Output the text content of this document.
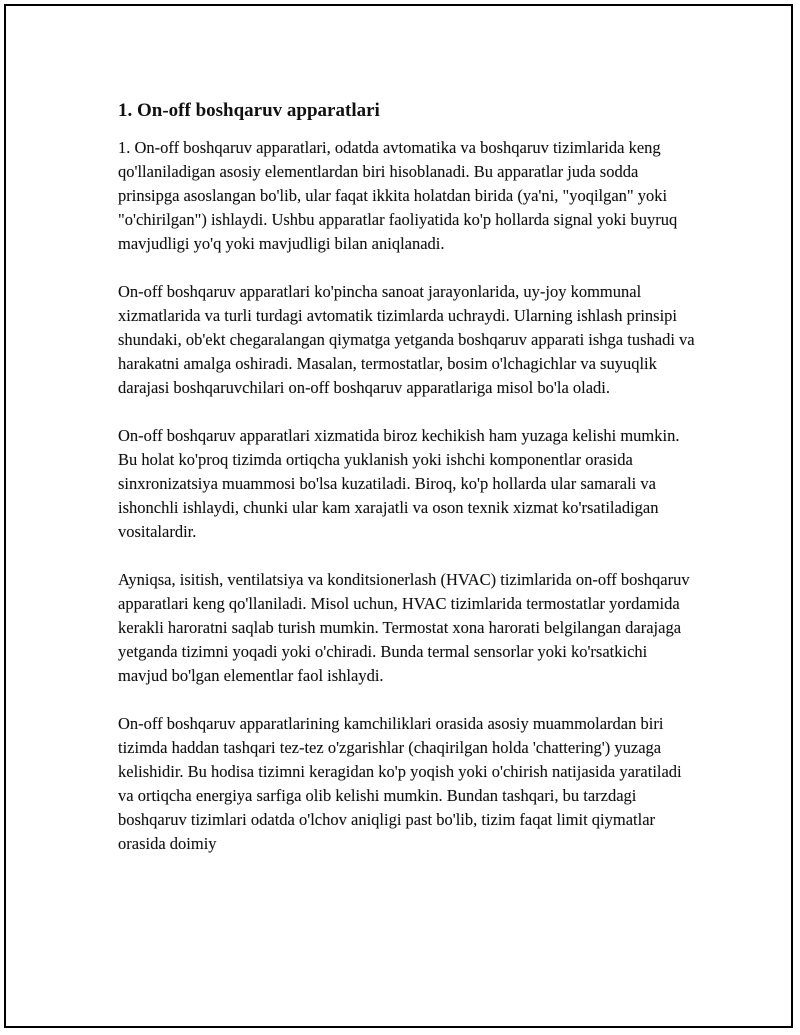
1. On-off boshqaruv apparatlari

1. On-off boshqaruv apparatlari, odatda avtomatika va boshqaruv tizimlarida keng qo'llaniladigan asosiy elementlardan biri hisoblanadi. Bu apparatlar juda sodda prinsipga asoslangan bo'lib, ular faqat ikkita holatdan birida (ya'ni, "yoqilgan" yoki "o'chirilgan") ishlaydi. Ushbu apparatlar faoliyatida ko'p hollarda signal yoki buyruq mavjudligi yo'q yoki mavjudligi bilan aniqlanadi.

On-off boshqaruv apparatlari ko'pincha sanoat jarayonlarida, uy-joy kommunal xizmatlarida va turli turdagi avtomatik tizimlarda uchraydi. Ularning ishlash prinsipi shundaki, ob'ekt chegaralangan qiymatga yetganda boshqaruv apparati ishga tushadi va harakatni amalga oshiradi. Masalan, termostatlar, bosim o'lchagichlar va suyuqlik darajasi boshqaruvchilari on-off boshqaruv apparatlariga misol bo'la oladi.

On-off boshqaruv apparatlari xizmatida biroz kechikish ham yuzaga kelishi mumkin. Bu holat ko'proq tizimda ortiqcha yuklanish yoki ishchi komponentlar orasida sinxronizatsiya muammosi bo'lsa kuzatiladi. Biroq, ko'p hollarda ular samarali va ishonchli ishlaydi, chunki ular kam xarajatli va oson texnik xizmat ko'rsatiladigan vositalardir.

Ayniqsa, isitish, ventilatsiya va konditsionerlash (HVAC) tizimlarida on-off boshqaruv apparatlari keng qo'llaniladi. Misol uchun, HVAC tizimlarida termostatlar yordamida kerakli haroratni saqlab turish mumkin. Termostat xona harorati belgilangan darajaga yetganda tizimni yoqadi yoki o'chiradi. Bunda termal sensorlar yoki ko'rsatkichi mavjud bo'lgan elementlar faol ishlaydi.

On-off boshqaruv apparatlarining kamchiliklari orasida asosiy muammolardan biri tizimda haddan tashqari tez-tez o'zgarishlar (chaqirilgan holda 'chattering') yuzaga kelishidir. Bu hodisa tizimni keragidan ko'p yoqish yoki o'chirish natijasida yaratiladi va ortiqcha energiya sarfiga olib kelishi mumkin. Bundan tashqari, bu tarzdagi boshqaruv tizimlari odatda o'lchov aniqligi past bo'lib, tizim faqat limit qiymatlar orasida doimiy
